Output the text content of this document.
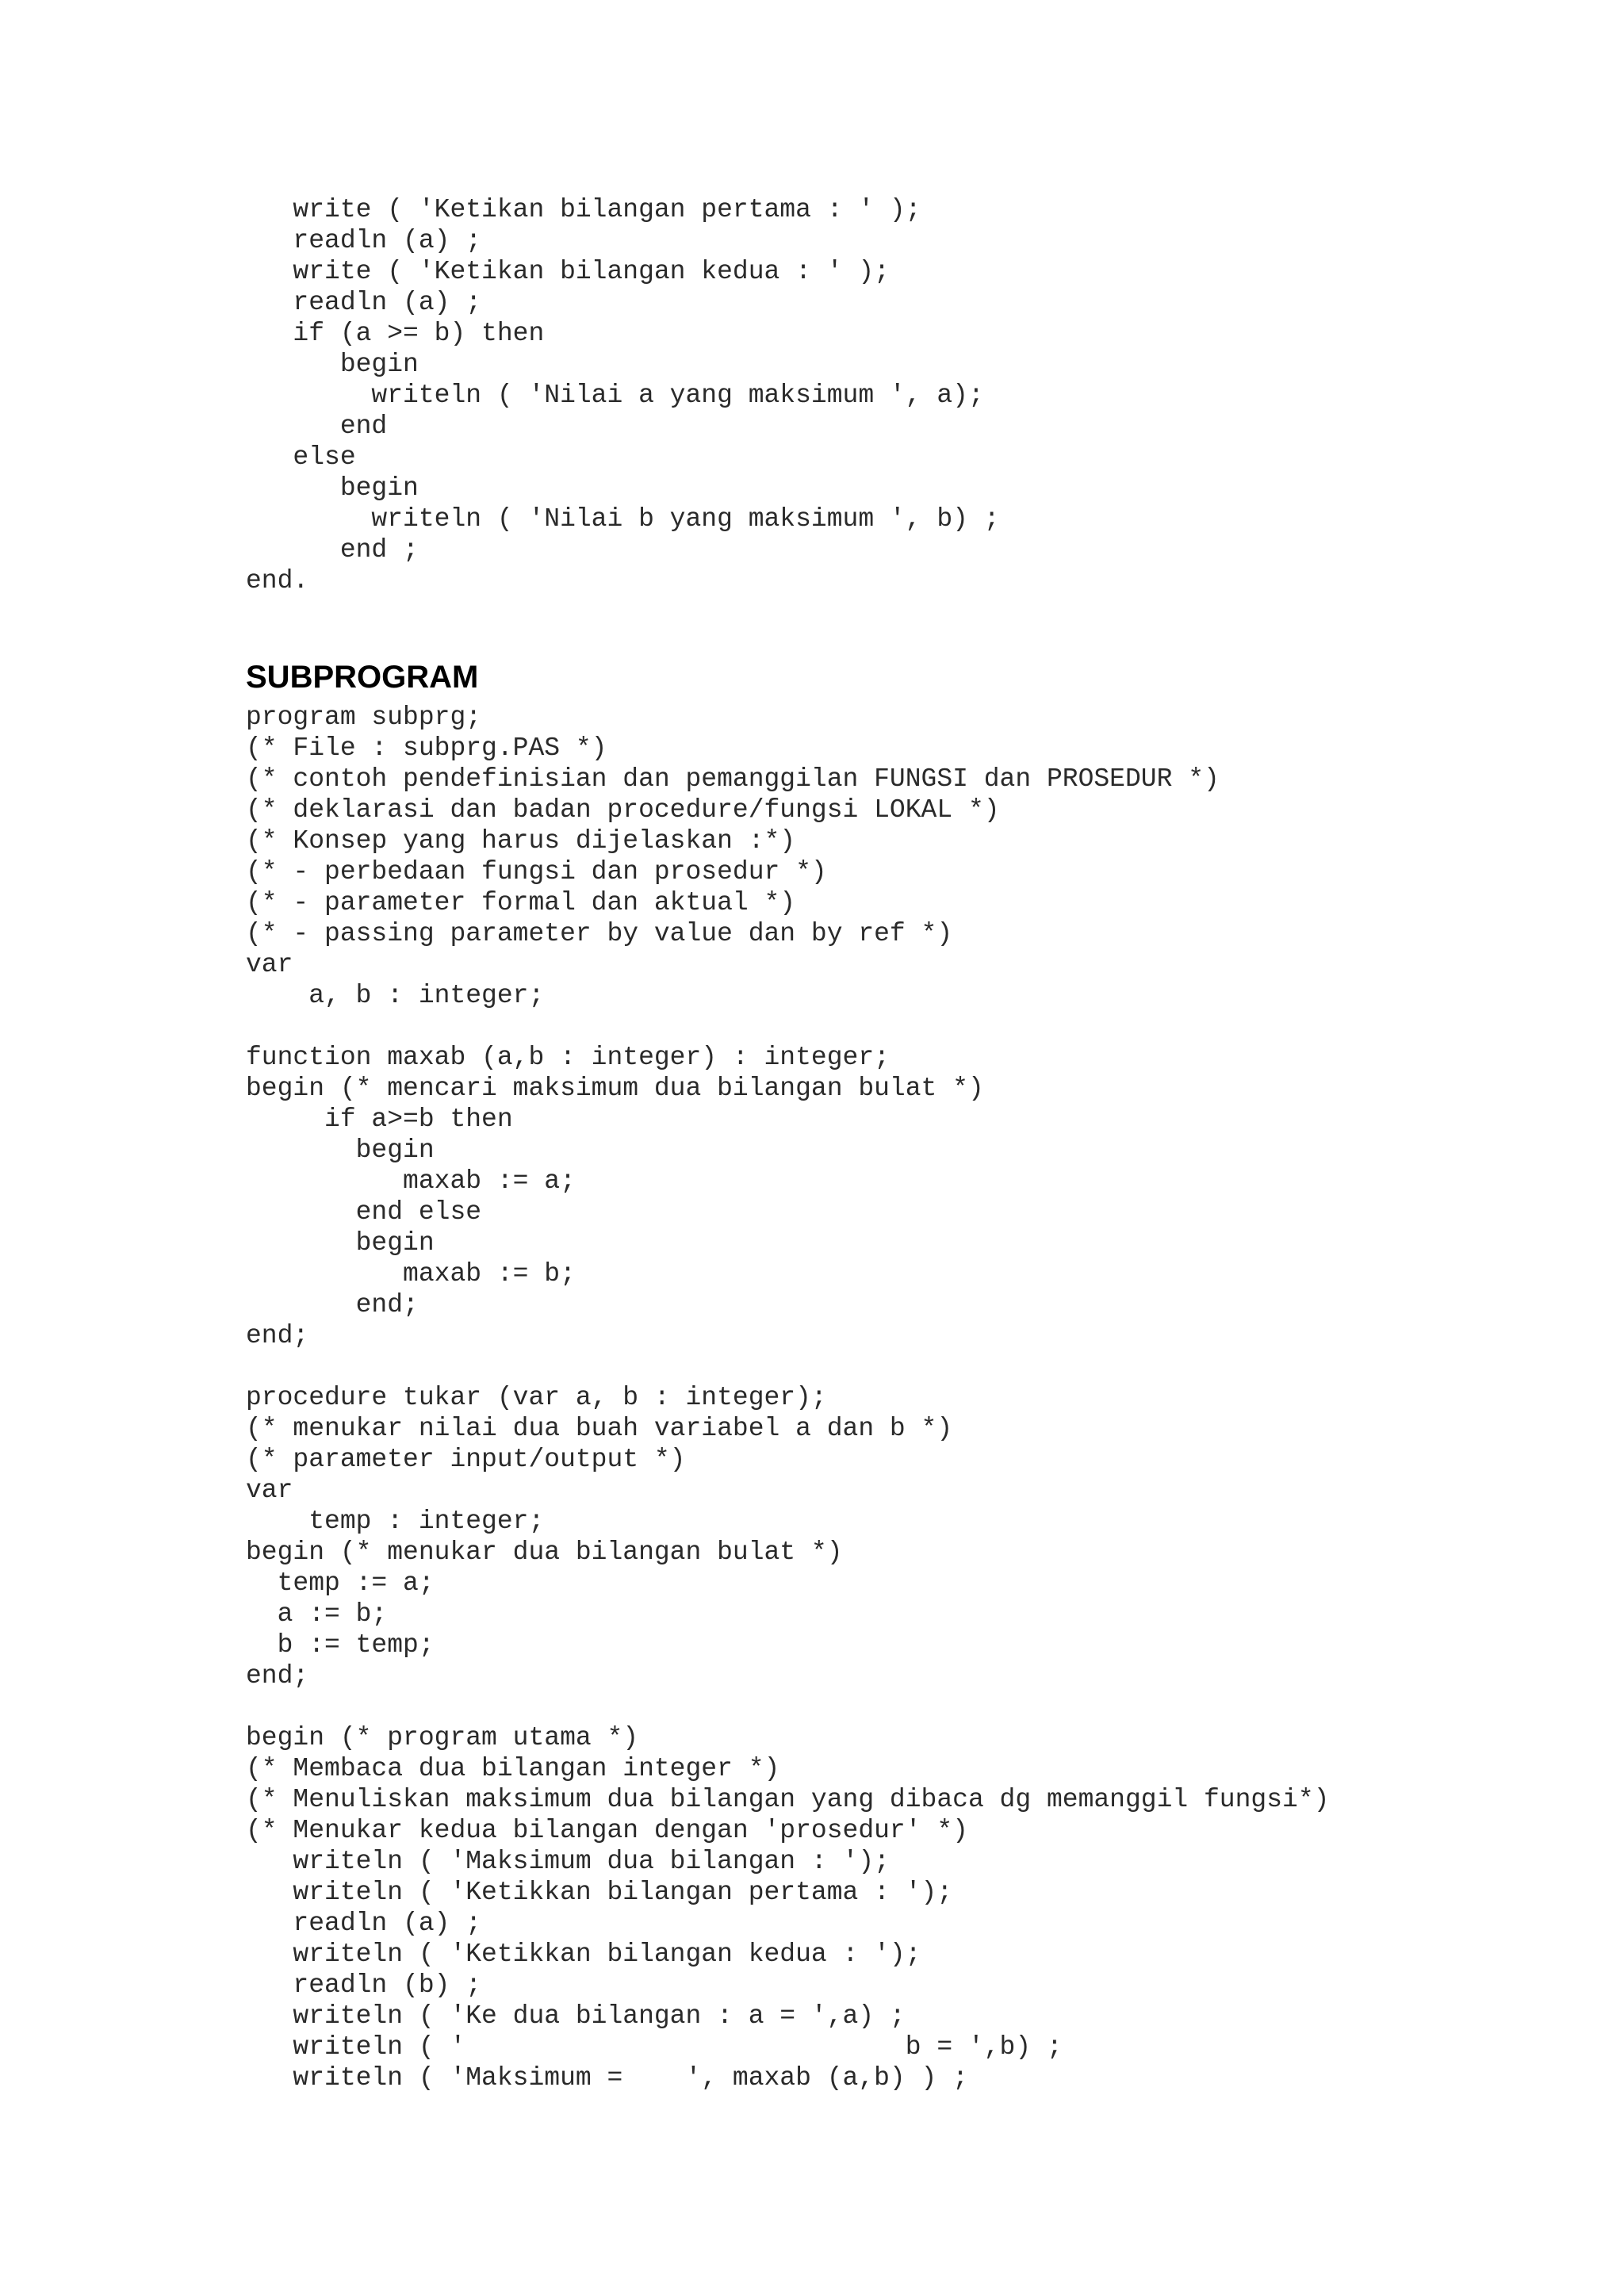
write ( 'Ketikan bilangan pertama : ' );
readln (a) ;
write ( 'Ketikan bilangan kedua : ' );
readln (a) ;
if (a >= b) then
begin
writeln ( 'Nilai a yang maksimum ', a);
end
else
begin
writeln ( 'Nilai b yang maksimum ', b) ;
end ;
end.
SUBPROGRAM
program subprg;
(* File : subprg.PAS *)
(* contoh pendefinisian dan pemanggilan FUNGSI dan PROSEDUR *)
(* deklarasi dan badan procedure/fungsi LOKAL *)
(* Konsep yang harus dijelaskan :*)
(* - perbedaan fungsi dan prosedur *)
(* - parameter formal dan aktual *)
(* - passing parameter by value dan by ref *)
var
a, b : integer;

function maxab (a,b : integer) : integer;
begin (* mencari maksimum dua bilangan bulat *)
if a>=b then
begin
maxab := a;
end else
begin
maxab := b;
end;
end;

procedure tukar (var a, b : integer);
(* menukar nilai dua buah variabel a dan b *)
(* parameter input/output *)
var
temp : integer;
begin (* menukar dua bilangan bulat *)
temp := a;
a := b;
b := temp;
end;

begin (* program utama *)
(* Membaca dua bilangan integer *)
(* Menuliskan maksimum dua bilangan yang dibaca dg memanggil fungsi*)
(* Menukar kedua bilangan dengan 'prosedur' *)
writeln ( 'Maksimum dua bilangan : ');
writeln ( 'Ketikkan bilangan pertama : ');
readln (a) ;
writeln ( 'Ketikkan bilangan kedua : ');
readln (b) ;
writeln ( 'Ke dua bilangan : a = ',a) ;
writeln ( '                            b = ',b) ;
writeln ( 'Maksimum =    ', maxab (a,b) ) ;
